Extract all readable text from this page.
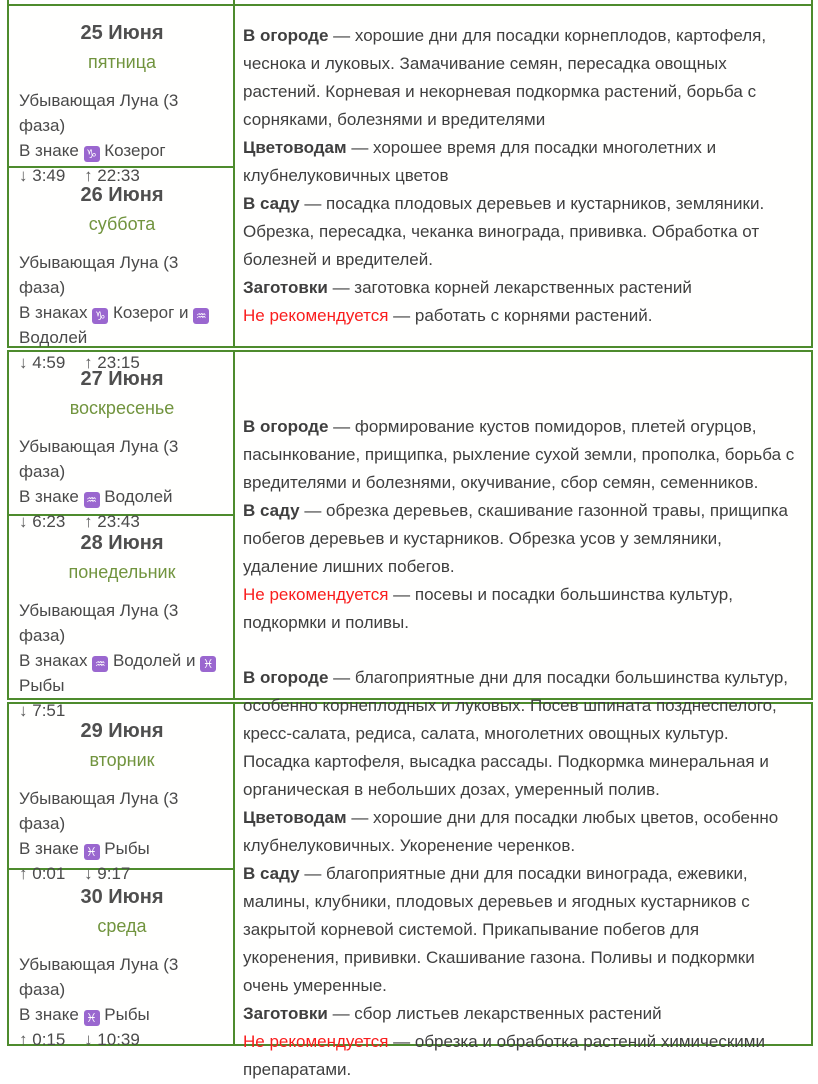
25 Июня
пятница
Убывающая Луна (3 фаза)
В знаке ♑ Козерог
↓ 3:49 ↑ 22:33
26 Июня
суббота
Убывающая Луна (3 фаза)
В знаках ♑ Козерог и ♒ Водолей
↓ 4:59 ↑ 23:15

В огороде — хорошие дни для посадки корнеплодов, картофеля, чеснока и луковых. Замачивание семян, пересадка овощных растений. Корневая и некорневая подкормка растений, борьба с сорняками, болезнями и вредителями

Цветоводам — хорошее время для посадки многолетних и клубнелуковичных цветов

В саду — посадка плодовых деревьев и кустарников, земляники. Обрезка, пересадка, чеканка винограда, прививка. Обработка от болезней и вредителей.

Заготовки — заготовка корней лекарственных растений

Не рекомендуется — работать с корнями растений.

27 Июня
воскресенье
Убывающая Луна (3 фаза)
В знаке ♒ Водолей
↓ 6:23 ↑ 23:43
28 Июня
понедельник
Убывающая Луна (3 фаза)
В знаках ♒ Водолей и ♓ Рыбы
↓ 7:51

В огороде — формирование кустов помидоров, плетей огурцов, пасынкование, прищипка, рыхление сухой земли, прополка, борьба с вредителями и болезнями, окучивание, сбор семян, семенников.

В саду — обрезка деревьев, скашивание газонной травы, прищипка побегов деревьев и кустарников. Обрезка усов у земляники, удаление лишних побегов.

Не рекомендуется — посевы и посадки большинства культур, подкормки и поливы.

29 Июня
вторник
Убывающая Луна (3 фаза)
В знаке ♓ Рыбы
↑ 0:01 ↓ 9:17
30 Июня
среда
Убывающая Луна (3 фаза)
В знаке ♓ Рыбы
↑ 0:15 ↓ 10:39

В огороде — благоприятные дни для посадки большинства культур, особенно корнеплодных и луковых. Посев шпината позднеспелого, кресс-салата, редиса, салата, многолетних овощных культур. Посадка картофеля, высадка рассады. Подкормка минеральная и органическая в небольших дозах, умеренный полив.

Цветоводам — хорошие дни для посадки любых цветов, особенно клубнелуковичных. Укоренение черенков.

В саду — благоприятные дни для посадки винограда, ежевики, малины, клубники, плодовых деревьев и ягодных кустарников с закрытой корневой системой. Прикапывание побегов для укоренения, прививки. Скашивание газона. Поливы и подкормки очень умеренные.

Заготовки — сбор листьев лекарственных растений

Не рекомендуется — обрезка и обработка растений химическими препаратами.
